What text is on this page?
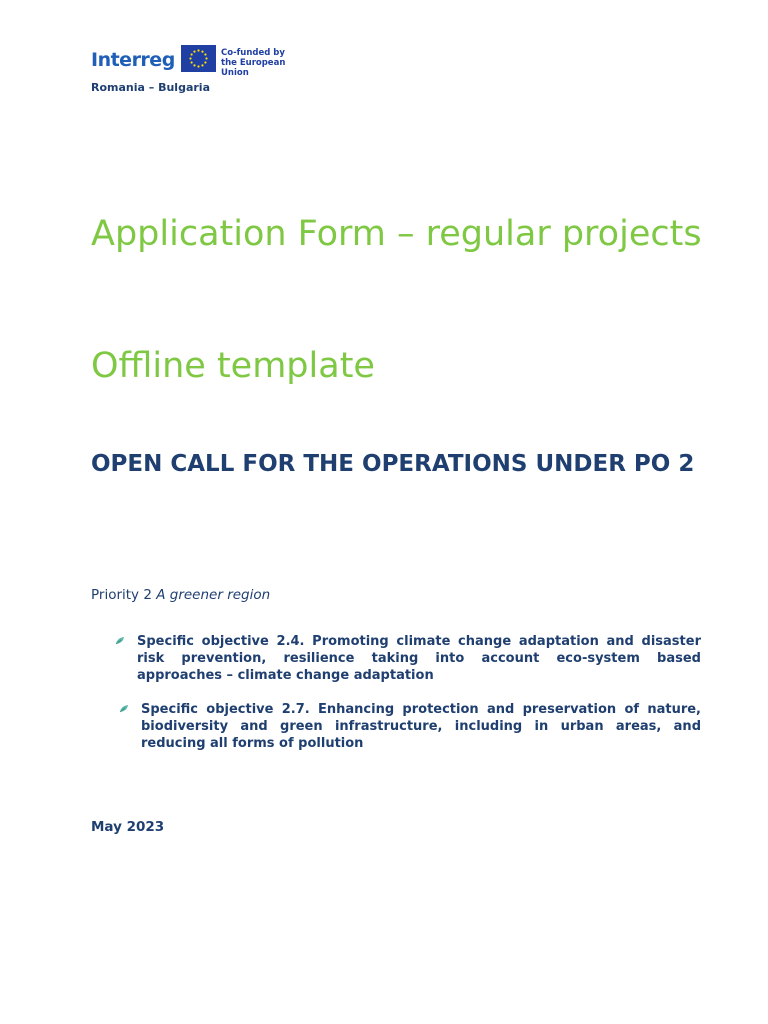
Interreg	Co-funded by
the European Union
Romania – Bulgaria
Application Form – regular projects
Offline template
OPEN CALL FOR THE OPERATIONS UNDER PO 2
Priority 2 A greener region
Specific objective 2.4. Promoting climate change adaptation and disaster risk prevention, resilience taking into account eco-system based approaches – climate change adaptation
Specific objective 2.7. Enhancing protection and preservation of nature, biodiversity and green infrastructure, including in urban areas, and reducing all forms of pollution
May 2023
